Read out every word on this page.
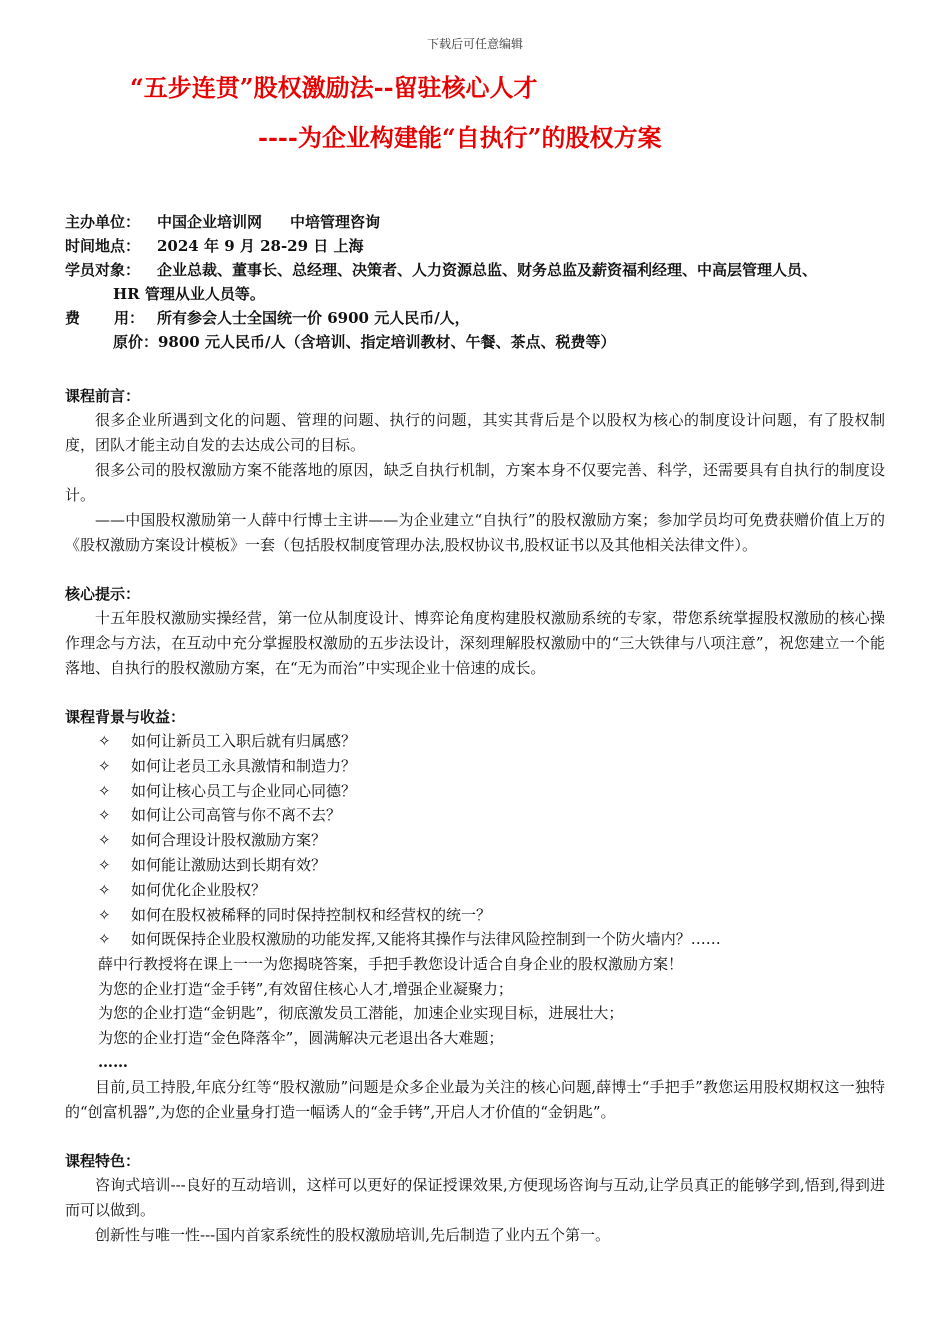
下载后可任意编辑
“五步连贯”股权激励法--留驻核心人才
----为企业构建能“自执行”的股权方案
主办单位： 中国企业培训网 中培管理咨询
时间地点： 2024 年 9 月 28-29 日 上海
学员对象： 企业总裁、董事长、总经理、决策者、人力资源总监、财务总监及薪资福利经理、中高层管理人员、
HR 管理从业人员等。
费 用： 所有参会人士全国统一价 6900 元人民币/人，
原价：9800 元人民币/人（含培训、指定培训教材、午餐、茶点、税费等）
课程前言：

很多企业所遇到文化的问题、管理的问题、执行的问题，其实其背后是个以股权为核心的制度设计问题，有了股权制度，团队才能主动自发的去达成公司的目标。

很多公司的股权激励方案不能落地的原因，缺乏自执行机制，方案本身不仅要完善、科学，还需要具有自执行的制度设计。

——中国股权激励第一人薛中行博士主讲——为企业建立“自执行”的股权激励方案；参加学员均可免费获赠价值上万的《股权激励方案设计模板》一套（包括股权制度管理办法,股权协议书,股权证书以及其他相关法律文件）。

核心提示：

十五年股权激励实操经营，第一位从制度设计、博弈论角度构建股权激励系统的专家，带您系统掌握股权激励的核心操作理念与方法，在互动中充分掌握股权激励的五步法设计，深刻理解股权激励中的“三大铁律与八项注意”，祝您建立一个能落地、自执行的股权激励方案，在“无为而治”中实现企业十倍速的成长。

课程背景与收益：
✧ 如何让新员工入职后就有归属感？
✧ 如何让老员工永具激情和制造力？
✧ 如何让核心员工与企业同心同德？
✧ 如何让公司高管与你不离不去？
✧ 如何合理设计股权激励方案？
✧ 如何能让激励达到长期有效？
✧ 如何优化企业股权？
✧ 如何在股权被稀释的同时保持控制权和经营权的统一？
✧ 如何既保持企业股权激励的功能发挥,又能将其操作与法律风险控制到一个防火墙内？……

薛中行教授将在课上一一为您揭晓答案，手把手教您设计适合自身企业的股权激励方案！

为您的企业打造“金手铐”,有效留住核心人才,增强企业凝聚力；

为您的企业打造“金钥匙”，彻底激发员工潜能，加速企业实现目标，进展壮大；

为您的企业打造“金色降落伞”，圆满解决元老退出各大难题；

……

目前,员工持股,年底分红等“股权激励”问题是众多企业最为关注的核心问题,薛博士“手把手”教您运用股权期权这一独特的“创富机器”,为您的企业量身打造一幅诱人的“金手铐”,开启人才价值的“金钥匙”。

课程特色：

咨询式培训---良好的互动培训，这样可以更好的保证授课效果,方便现场咨询与互动,让学员真正的能够学到,悟到,得到进而可以做到。

创新性与唯一性---国内首家系统性的股权激励培训,先后制造了业内五个第一。
